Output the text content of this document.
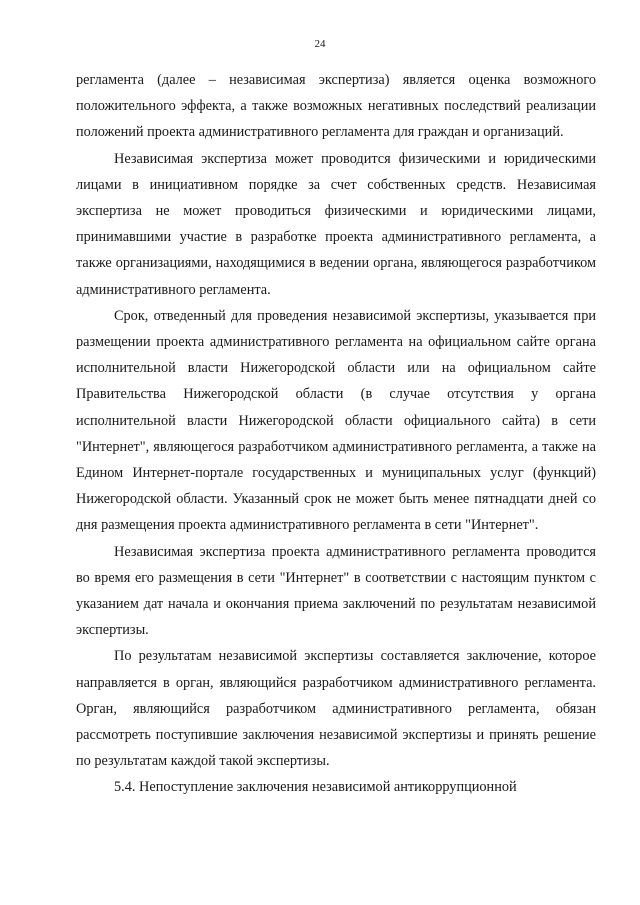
24

регламента (далее – независимая экспертиза) является оценка возможного положительного эффекта, а также возможных негативных последствий реализации положений проекта административного регламента для граждан и организаций.

Независимая экспертиза может проводится физическими и юридическими лицами в инициативном порядке за счет собственных средств. Независимая экспертиза не может проводиться физическими и юридическими лицами, принимавшими участие в разработке проекта административного регламента, а также организациями, находящимися в ведении органа, являющегося разработчиком административного регламента.

Срок, отведенный для проведения независимой экспертизы, указывается при размещении проекта административного регламента на официальном сайте органа исполнительной власти Нижегородской области или на официальном сайте Правительства Нижегородской области (в случае отсутствия у органа исполнительной власти Нижегородской области официального сайта) в сети "Интернет", являющегося разработчиком административного регламента, а также на Едином Интернет-портале государственных и муниципальных услуг (функций) Нижегородской области. Указанный срок не может быть менее пятнадцати дней со дня размещения проекта административного регламента в сети "Интернет".

Независимая экспертиза проекта административного регламента проводится во время его размещения в сети "Интернет" в соответствии с настоящим пунктом с указанием дат начала и окончания приема заключений по результатам независимой экспертизы.

По результатам независимой экспертизы составляется заключение, которое направляется в орган, являющийся разработчиком административного регламента. Орган, являющийся разработчиком административного регламента, обязан рассмотреть поступившие заключения независимой экспертизы и принять решение по результатам каждой такой экспертизы.

5.4. Непоступление заключения независимой антикоррупционной
